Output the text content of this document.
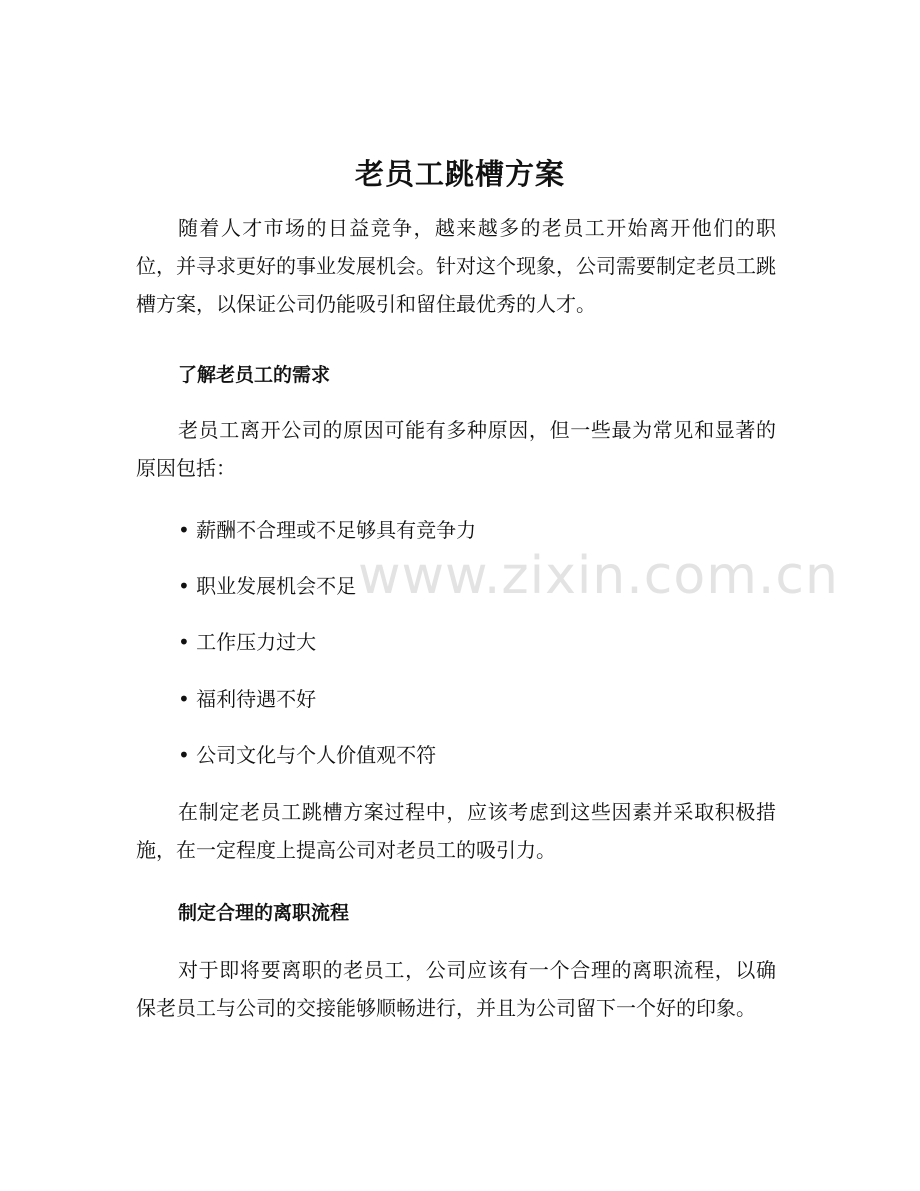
老员工跳槽方案
随着人才市场的日益竞争，越来越多的老员工开始离开他们的职位，并寻求更好的事业发展机会。针对这个现象，公司需要制定老员工跳槽方案，以保证公司仍能吸引和留住最优秀的人才。
了解老员工的需求
老员工离开公司的原因可能有多种原因，但一些最为常见和显著的原因包括：
• 薪酬不合理或不足够具有竞争力
• 职业发展机会不足
• 工作压力过大
• 福利待遇不好
• 公司文化与个人价值观不符
在制定老员工跳槽方案过程中，应该考虑到这些因素并采取积极措施，在一定程度上提高公司对老员工的吸引力。
制定合理的离职流程
对于即将要离职的老员工，公司应该有一个合理的离职流程，以确保老员工与公司的交接能够顺畅进行，并且为公司留下一个好的印象。
www.zixin.com.cn
